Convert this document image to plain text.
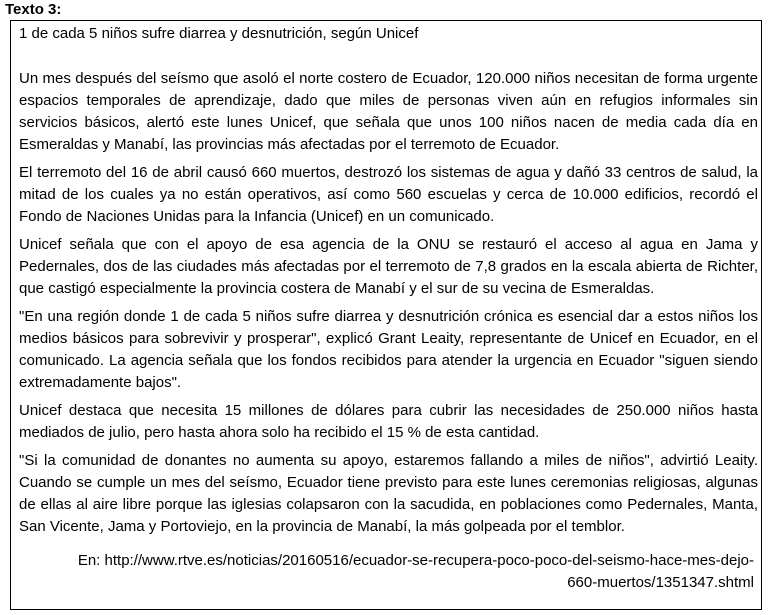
Texto 3:

1 de cada 5 niños sufre diarrea y desnutrición, según Unicef

Un mes después del seísmo que asoló el norte costero de Ecuador, 120.000 niños necesitan de forma urgente espacios temporales de aprendizaje, dado que miles de personas viven aún en refugios informales sin servicios básicos, alertó este lunes Unicef, que señala que unos 100 niños nacen de media cada día en Esmeraldas y Manabí, las provincias más afectadas por el terremoto de Ecuador.

El terremoto del 16 de abril causó 660 muertos, destrozó los sistemas de agua y dañó 33 centros de salud, la mitad de los cuales ya no están operativos, así como 560 escuelas y cerca de 10.000 edificios, recordó el Fondo de Naciones Unidas para la Infancia (Unicef) en un comunicado.

Unicef señala que con el apoyo de esa agencia de la ONU se restauró el acceso al agua en Jama y Pedernales, dos de las ciudades más afectadas por el terremoto de 7,8 grados en la escala abierta de Richter, que castigó especialmente la provincia costera de Manabí y el sur de su vecina de Esmeraldas.

"En una región donde 1 de cada 5 niños sufre diarrea y desnutrición crónica es esencial dar a estos niños los medios básicos para sobrevivir y prosperar", explicó Grant Leaity, representante de Unicef en Ecuador, en el comunicado. La agencia señala que los fondos recibidos para atender la urgencia en Ecuador "siguen siendo extremadamente bajos".

Unicef destaca que necesita 15 millones de dólares para cubrir las necesidades de 250.000 niños hasta mediados de julio, pero hasta ahora solo ha recibido el 15 % de esta cantidad.

"Si la comunidad de donantes no aumenta su apoyo, estaremos fallando a miles de niños", advirtió Leaity. Cuando se cumple un mes del seísmo, Ecuador tiene previsto para este lunes ceremonias religiosas, algunas de ellas al aire libre porque las iglesias colapsaron con la sacudida, en poblaciones como Pedernales, Manta, San Vicente, Jama y Portoviejo, en la provincia de Manabí, la más golpeada por el temblor.

En: http://www.rtve.es/noticias/20160516/ecuador-se-recupera-poco-poco-del-seismo-hace-mes-dejo-
660-muertos/1351347.shtml
